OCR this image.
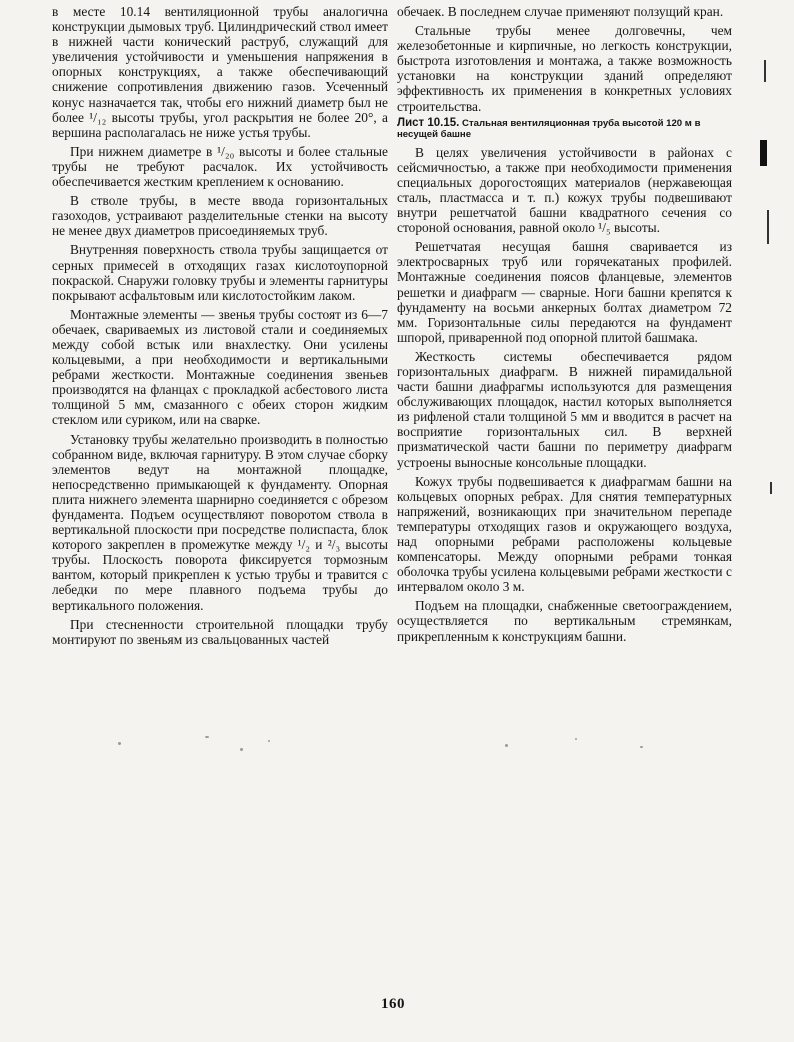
в месте 10.14 вентиляционной трубы аналогична конструкции дымовых труб. Цилиндрический ствол имеет в нижней части конический раструб, служащий для увеличения устойчивости и уменьшения напряжения в опорных конструкциях, а также обеспечивающий снижение сопротивления движению газов. Усеченный конус назначается так, чтобы его нижний диаметр был не более ¹/₁₂ высоты трубы, угол раскрытия не более 20°, а вершина располагалась не ниже устья трубы.

При нижнем диаметре в ¹/₂₀ высоты и более стальные трубы не требуют расчалок. Их устойчивость обеспечивается жестким креплением к основанию.

В стволе трубы, в месте ввода горизонтальных газоходов, устраивают разделительные стенки на высоту не менее двух диаметров присоединяемых труб.

Внутренняя поверхность ствола трубы защищается от серных примесей в отходящих газах кислотоупорной покраской. Снаружи головку трубы и элементы гарнитуры покрывают асфальтовым или кислотостойким лаком.

Монтажные элементы — звенья трубы состоят из 6—7 обечаек, свариваемых из листовой стали и соединяемых между собой встык или внахлестку. Они усилены кольцевыми, а при необходимости и вертикальными ребрами жесткости. Монтажные соединения звеньев производятся на фланцах с прокладкой асбестового листа толщиной 5 мм, смазанного с обеих сторон жидким стеклом или суриком, или на сварке.

Установку трубы желательно производить в полностью собранном виде, включая гарнитуру. В этом случае сборку элементов ведут на монтажной площадке, непосредственно примыкающей к фундаменту. Опорная плита нижнего элемента шарнирно соединяется с обрезом фундамента. Подъем осуществляют поворотом ствола в вертикальной плоскости при посредстве полиспаста, блок которого закреплен в промежутке между ¹/₂ и ²/₃ высоты трубы. Плоскость поворота фиксируется тормозным вантом, который прикреплен к устью трубы и травится с лебедки по мере плавного подъема трубы до вертикального положения.

При стесненности строительной площадки трубу монтируют по звеньям из свальцованных частей

обечаек. В последнем случае применяют ползущий кран.

Стальные трубы менее долговечны, чем железобетонные и кирпичные, но легкость конструкции, быстрота изготовления и монтажа, а также возможность установки на конструкции зданий определяют эффективность их применения в конкретных условиях строительства.

Лист 10.15. Стальная вентиляционная труба высотой 120 м в несущей башне

В целях увеличения устойчивости в районах с сейсмичностью, а также при необходимости применения специальных дорогостоящих материалов (нержавеющая сталь, пластмасса и т. п.) кожух трубы подвешивают внутри решетчатой башни квадратного сечения со стороной основания, равной около ¹/₅ высоты.

Решетчатая несущая башня сваривается из электросварных труб или горячекатаных профилей. Монтажные соединения поясов фланцевые, элементов решетки и диафрагм — сварные. Ноги башни крепятся к фундаменту на восьми анкерных болтах диаметром 72 мм. Горизонтальные силы передаются на фундамент шпорой, приваренной под опорной плитой башмака.

Жесткость системы обеспечивается рядом горизонтальных диафрагм. В нижней пирамидальной части башни диафрагмы используются для размещения обслуживающих площадок, настил которых выполняется из рифленой стали толщиной 5 мм и вводится в расчет на восприятие горизонтальных сил. В верхней призматической части башни по периметру диафрагм устроены выносные консольные площадки.

Кожух трубы подвешивается к диафрагмам башни на кольцевых опорных ребрах. Для снятия температурных напряжений, возникающих при значительном перепаде температуры отходящих газов и окружающего воздуха, над опорными ребрами расположены кольцевые компенсаторы. Между опорными ребрами тонкая оболочка трубы усилена кольцевыми ребрами жесткости с интервалом около 3 м.

Подъем на площадки, снабженные светоограждением, осуществляется по вертикальным стремянкам, прикрепленным к конструкциям башни.

160
